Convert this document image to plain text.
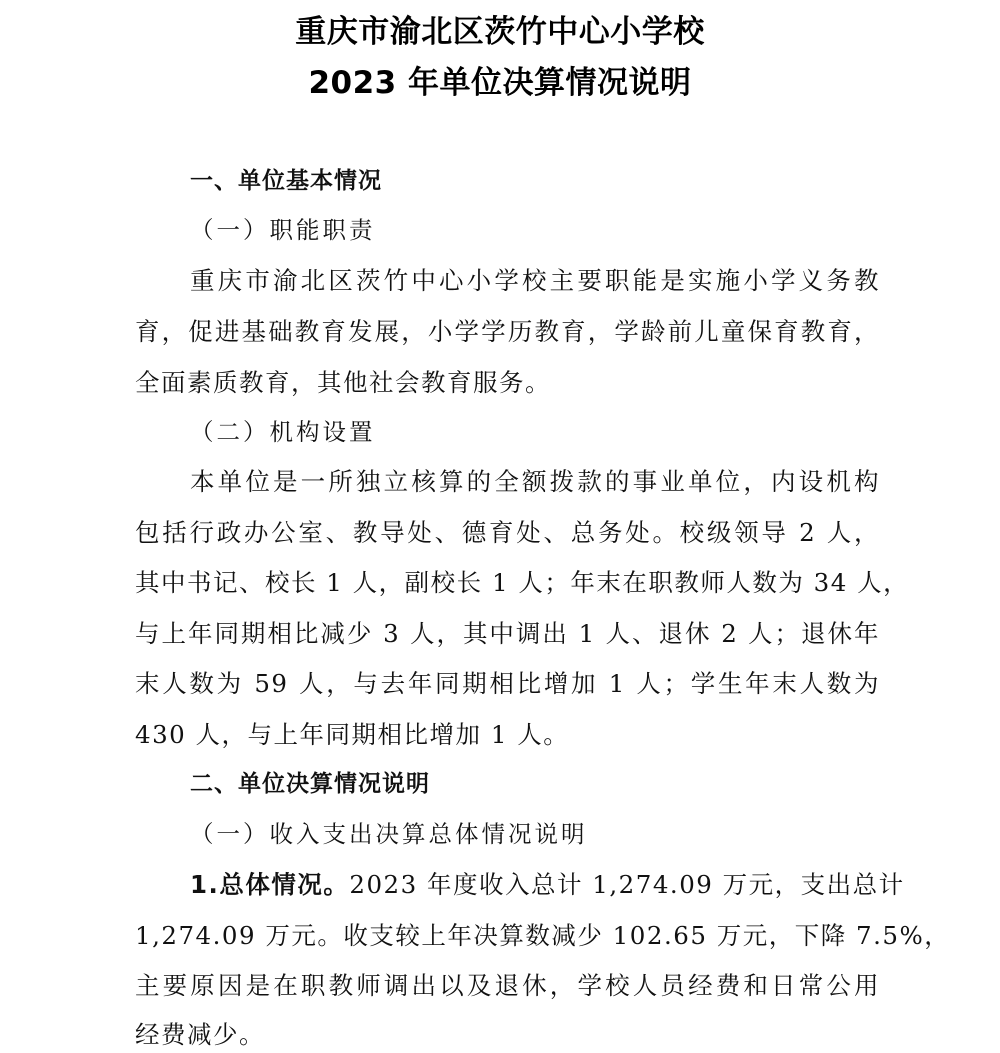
重庆市渝北区茨竹中心小学校
2023 年单位决算情况说明
一、单位基本情况
（一）职能职责
重庆市渝北区茨竹中心小学校主要职能是实施小学义务教
育，促进基础教育发展，小学学历教育，学龄前儿童保育教育，
全面素质教育，其他社会教育服务。
（二）机构设置
本单位是一所独立核算的全额拨款的事业单位，内设机构
包括行政办公室、教导处、德育处、总务处。校级领导 2 人，
其中书记、校长 1 人，副校长 1 人；年末在职教师人数为 34 人，
与上年同期相比减少 3 人，其中调出 1 人、退休 2 人；退休年
末人数为 59 人，与去年同期相比增加 1 人；学生年末人数为
430 人，与上年同期相比增加 1 人。
二、单位决算情况说明
（一）收入支出决算总体情况说明
1.总体情况。2023 年度收入总计 1,274.09 万元，支出总计
1,274.09 万元。收支较上年决算数减少 102.65 万元，下降 7.5%，
主要原因是在职教师调出以及退休，学校人员经费和日常公用
经费减少。
